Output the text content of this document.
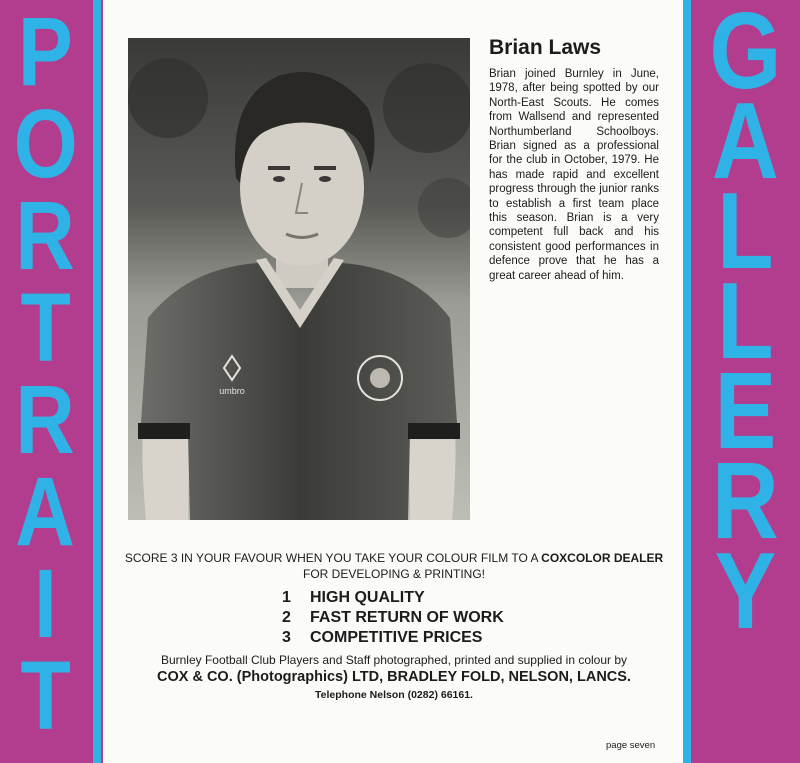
P
O
R
T
R
A
I
T
G
A
L
L
E
R
Y
umbro
Brian Laws

Brian joined Burnley in June, 1978, after being spotted by our North-East Scouts. He comes from Wallsend and represented Northumberland Schoolboys. Brian signed as a professional for the club in October, 1979. He has made rapid and excellent progress through the junior ranks to establish a first team place this season. Brian is a very competent full back and his consistent good performances in defence prove that he has a great career ahead of him.

SCORE 3 IN YOUR FAVOUR WHEN YOU TAKE YOUR COLOUR FILM TO A COXCOLOR DEALER FOR DEVELOPING & PRINTING!
1 HIGH QUALITY
2 FAST RETURN OF WORK
3 COMPETITIVE PRICES
Burnley Football Club Players and Staff photographed, printed and supplied in colour by
COX & CO. (Photographics) LTD, BRADLEY FOLD, NELSON, LANCS.
Telephone Nelson (0282) 66161.
page seven
